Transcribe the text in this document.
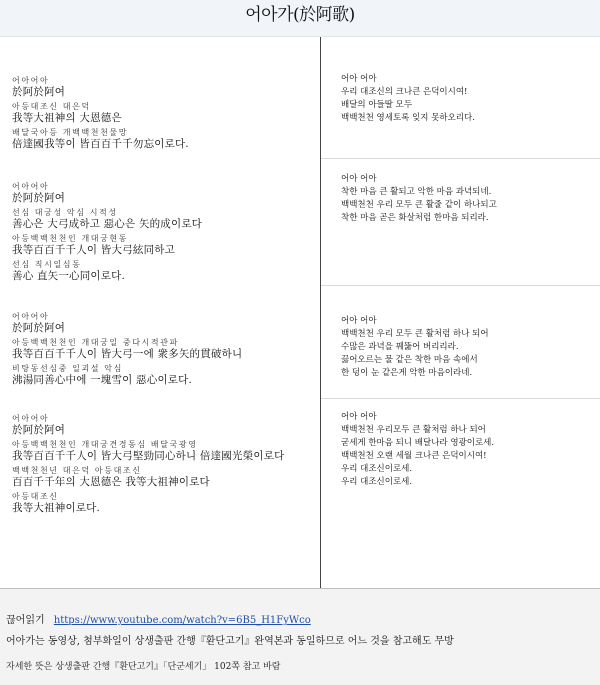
어아가(於阿歌)
어아어아
於阿於阿여
아등대조신 대은덕
我等大祖神의 大恩德은
배달국아등 개백백천천물망
倍達國我等이 皆百百千千勿忘이로다.
어아어아
於阿於阿여
선심 대궁성 악심 시적성
善心은 大弓成하고 惡心은 矢的成이로다
아등백백천천인 개대궁현동
我等百百千千人이 皆大弓絃同하고
선심 직시일심동
善心 直矢一心同이로다.
어아어아
於阿於阿여
아등백백천천인 개대궁일 중다시적관파
我等百百千千人이 皆大弓一에 衆多矢的貫破하니
비탕동선심중 일괴설 악심
沸湯同善心中에 一塊雪이 惡心이로다.
어아어아
於阿於阿여
아등백백천천인 개대궁견경동심 배달국광영
我等百百千千人이 皆大弓堅勁同心하니 倍達國光榮이로다
백백천천년 대은덕 아등대조신
百百千千年의 大恩德은 我等大祖神이로다
아등대조신
我等大祖神이로다.
어아 어아
우리 대조신의 크나큰 은덕이시여!
배달의 아들딸 모두
백백천천 영세토록 잊지 못하오리다.
어아 어아
착한 마음 큰 활되고 악한 마음 과녁되네.
백백천천 우리 모두 큰 활줄 같이 하나되고
착한 마음 곧은 화살처럼 한마음 되리라.
어아 어아
백백천천 우리 모두 큰 활처럼 하나 되어
수많은 과녁을 꿰뚫어 버리리라.
끓어오르는 물 같은 착한 마음 속에서
한 덩이 눈 같은게 악한 마음이라네.
어아 어아
백백천천 우리모두 큰 활처럼 하나 되어
굳세게 한마음 되니 배달나라 영광이로세.
백백천천 오랜 세월 크나큰 은덕이시여!
우리 대조신이로세.
우리 대조신이로세.
끊어읽기 https://www.youtube.com/watch?v=6B5_H1FyWco
어아가는 동영상, 첨부화일이 상생출판 간행『환단고기』완역본과 동일하므로 어느 것을 참고해도 무방
자세한 뜻은 상생출판 간행『환단고기』「단군세기」 102쪽 참고 바람
